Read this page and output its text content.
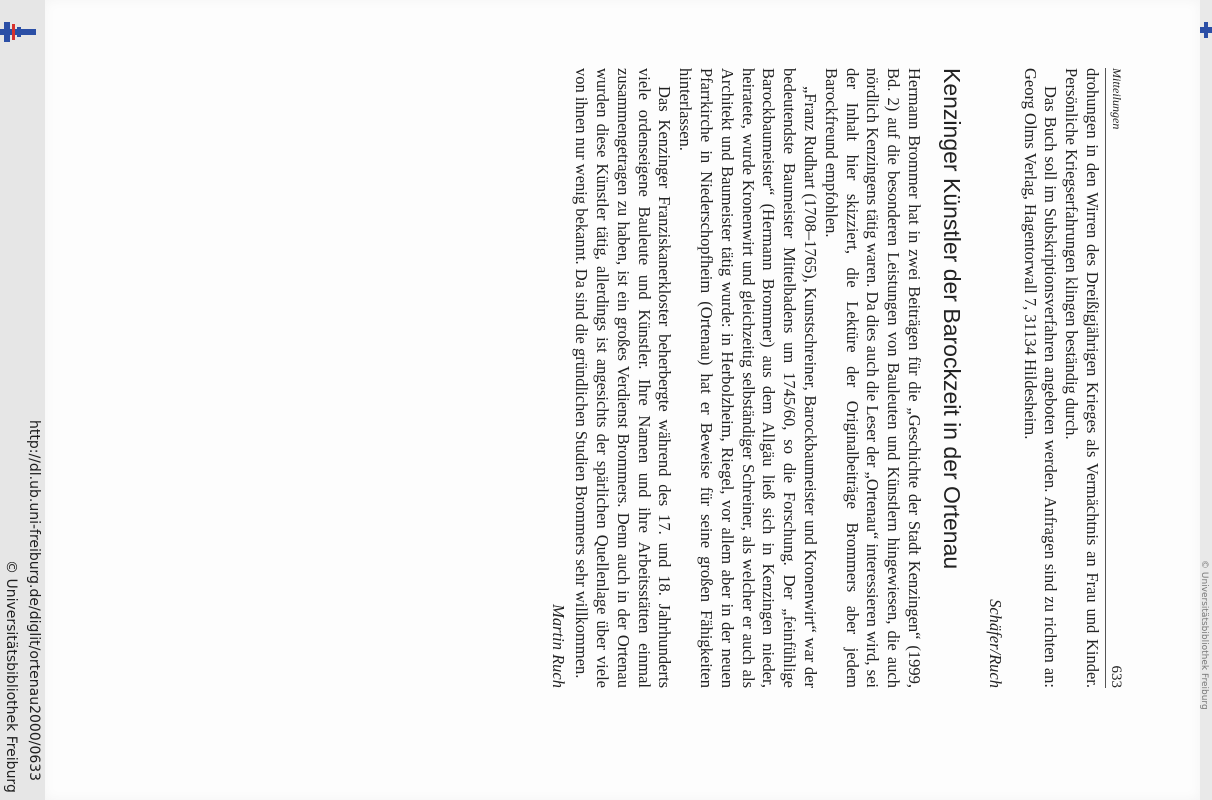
http://dl.ub.uni-freiburg.de/diglit/ortenau2000/0633
© Universitätsbibliothek Freiburg	© Universitätsbibliothek Freiburg
Mitteilungen
633

drohungen in den Wirren des Dreißigjährigen Krieges als Vermächtnis an Frau und Kinder. Persönliche Kriegserfahrungen klingen beständig durch.

Das Buch soll im Subskriptionsverfahren angeboten werden. Anfragen sind zu richten an: Georg Olms Verlag, Hagentorwall 7, 31134 Hildesheim.

Schäfer/Ruch

Kenzinger Künstler der Barockzeit in der Ortenau

Hermann Brommer hat in zwei Beiträgen für die „Geschichte der Stadt Kenzingen“ (1999, Bd. 2) auf die besonderen Leistungen von Bauleuten und Künstlern hingewiesen, die auch nördlich Kenzingens tätig waren. Da dies auch die Leser der „Ortenau“ interessieren wird, sei der Inhalt hier skizziert, die Lektüre der Originalbeiträge Brommers aber jedem Barockfreund empfohlen.

„Franz Rudhart (1708–1765), Kunstschreiner, Barockbaumeister und Kronenwirt“ war der bedeutendste Baumeister Mittelbadens um 1745/60, so die Forschung. Der „feinfühlige Barockbaumeister“ (Hermann Brommer) aus dem Allgäu ließ sich in Kenzingen nieder, heiratete, wurde Kronenwirt und gleichzeitig selbständiger Schreiner, als welcher er auch als Architekt und Baumeister tätig wurde: in Herbolzheim, Riegel, vor allem aber in der neuen Pfarrkirche in Niederschopfheim (Ortenau) hat er Beweise für seine großen Fähigkeiten hinterlassen.

Das Kenzinger Franziskanerkloster beherbergte während des 17. und 18. Jahrhunderts viele ordenseigene Bauleute und Künstler. Ihre Namen und ihre Arbeitsstätten einmal zusammengetragen zu haben, ist ein großes Verdienst Brommers. Denn auch in der Ortenau wurden diese Künstler tätig, allerdings ist angesichts der spärlichen Quellenlage über viele von ihnen nur wenig bekannt. Da sind die gründlichen Studien Brommers sehr willkommen.

Martin Ruch
